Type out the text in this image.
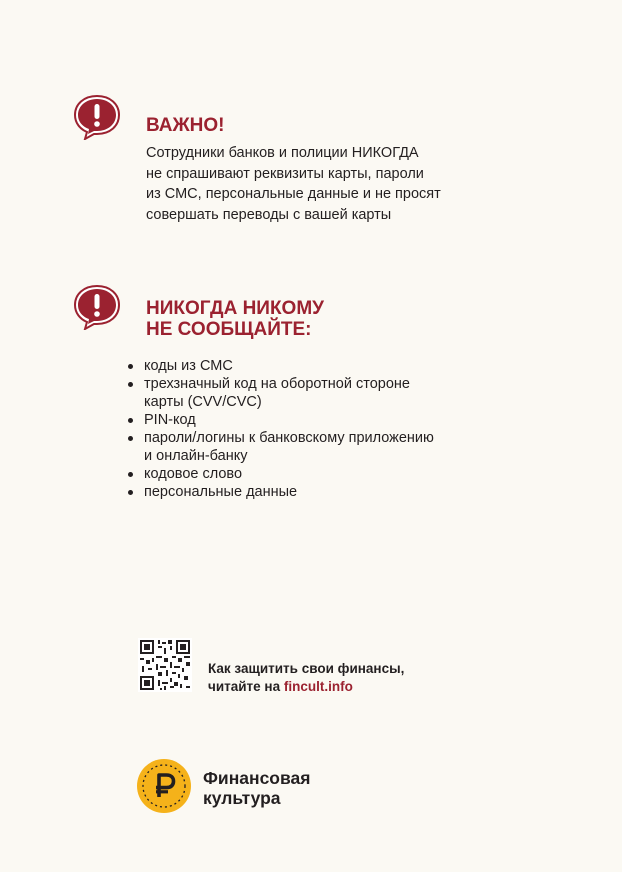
ВАЖНО!
Сотрудники банков и полиции НИКОГДА
не спрашивают реквизиты карты, пароли
из СМС, персональные данные и не просят
совершать переводы с вашей карты
НИКОГДА НИКОМУ
НЕ СООБЩАЙТЕ:
коды из СМС
трехзначный код на оборотной стороне
карты (CVV/CVC)
PIN-код
пароли/логины к банковскому приложению
и онлайн-банку
кодовое слово
персональные данные
Как защитить свои финансы,
читайте на fincult.info
Финансовая
культура
